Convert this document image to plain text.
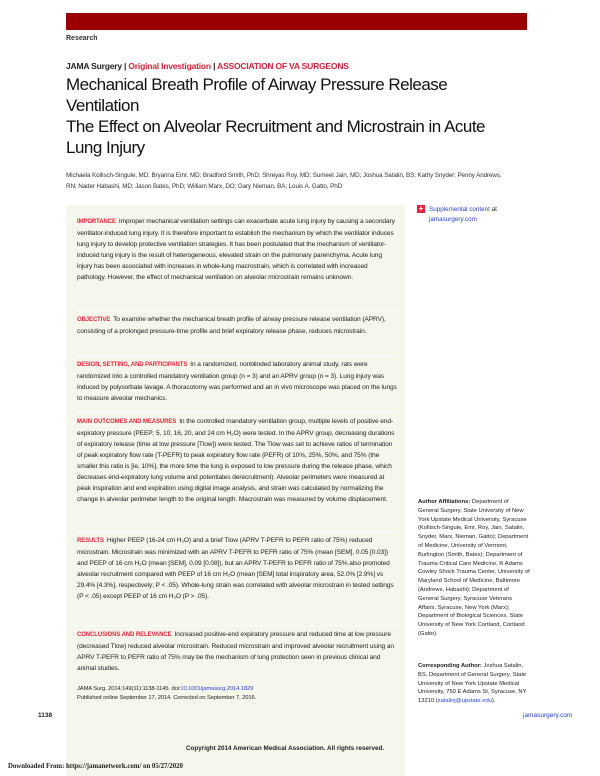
Research
JAMA Surgery | Original Investigation | ASSOCIATION OF VA SURGEONS
Mechanical Breath Profile of Airway Pressure Release Ventilation
The Effect on Alveolar Recruitment and Microstrain in Acute Lung Injury
Michaela Kollisch-Singule, MD; Bryanna Emr, MD; Bradford Smith, PhD; Shreyas Roy, MD; Sumeet Jain, MD; Joshua Satalin, BS; Kathy Snyder; Penny Andrews, RN; Nader Habashi, MD; Jason Bates, PhD; William Marx, DO; Gary Nieman, BA; Louis A. Gatto, PhD
IMPORTANCE Improper mechanical ventilation settings can exacerbate acute lung injury by causing a secondary ventilator-induced lung injury. It is therefore important to establish the mechanism by which the ventilator induces lung injury to develop protective ventilation strategies. It has been postulated that the mechanism of ventilator-induced lung injury is the result of heterogeneous, elevated strain on the pulmonary parenchyma. Acute lung injury has been associated with increases in whole-lung macrostrain, which is correlated with increased pathology. However, the effect of mechanical ventilation on alveolar microstrain remains unknown.
OBJECTIVE To examine whether the mechanical breath profile of airway pressure release ventilation (APRV), consisting of a prolonged pressure-time profile and brief expiratory release phase, reduces microstrain.
DESIGN, SETTING, AND PARTICIPANTS In a randomized, nonblinded laboratory animal study, rats were randomized into a controlled mandatory ventilation group (n = 3) and an APRV group (n = 3). Lung injury was induced by polysorbate lavage. A thoracotomy was performed and an in vivo microscope was placed on the lungs to measure alveolar mechanics.
MAIN OUTCOMES AND MEASURES In the controlled mandatory ventilation group, multiple levels of positive end-expiratory pressure (PEEP; 5, 10, 16, 20, and 24 cm H₂O) were tested. In the APRV group, decreasing durations of expiratory release (time at low pressure [Tlow]) were tested. The Tlow was set to achieve ratios of termination of peak expiratory flow rate (T-PEFR) to peak expiratory flow rate (PEFR) of 10%, 25%, 50%, and 75% (the smaller this ratio is [ie, 10%], the more time the lung is exposed to low pressure during the release phase, which decreases end-expiratory lung volume and potentiates derecruitment). Alveolar perimeters were measured at peak inspiration and end expiration using digital image analysis, and strain was calculated by normalizing the change in alveolar perimeter length to the original length. Macrostrain was measured by volume displacement.
RESULTS Higher PEEP (16-24 cm H₂O) and a brief Tlow (APRV T-PEFR to PEFR ratio of 75%) reduced microstrain. Microstrain was minimized with an APRV T-PEFR to PEFR ratio of 75% (mean [SEM], 0.05 [0.03]) and PEEP of 16 cm H₂O (mean [SEM], 0.09 [0.08]), but an APRV T-PEFR to PEFR ratio of 75% also promoted alveolar recruitment compared with PEEP of 16 cm H₂O (mean [SEM] total inspiratory area, 52.0% [2.9%] vs 29.4% [4.3%], respectively; P < .05). Whole-lung strain was correlated with alveolar microstrain in tested settings (P < .05) except PEEP of 16 cm H₂O (P > .05).
CONCLUSIONS AND RELEVANCE Increased positive-end expiratory pressure and reduced time at low pressure (decreased Tlow) reduced alveolar microstrain. Reduced microstrain and improved alveolar recruitment using an APRV T-PEFR to PEFR ratio of 75% may be the mechanism of lung protection seen in previous clinical and animal studies.
JAMA Surg. 2014;149(11):1138-1145. doi:10.1001/jamasurg.2014.1829
Published online September 17, 2014. Corrected on September 7, 2016.
+ Supplemental content at
jamasurgery.com
Author Affiliations: Department of General Surgery, State University of New York Upstate Medical University, Syracuse (Kollisch-Singule, Emr, Roy, Jain, Satalin, Snyder, Marx, Nieman, Gatto); Department of Medicine, University of Vermont, Burlington (Smith, Bates); Department of Trauma Critical Care Medicine, R Adams Cowley Shock Trauma Center, University of Maryland School of Medicine, Baltimore (Andrews, Habashi); Department of General Surgery, Syracuse Veterans Affairs, Syracuse, New York (Marx); Department of Biological Sciences, State University of New York Cortland, Cortland (Gatto).
Corresponding Author: Joshua Satalin, BS, Department of General Surgery, State University of New York Upstate Medical University, 750 E Adams St, Syracuse, NY 13210 (satalinj@upstate.edu).
1138	jamasurgery.com
Copyright 2014 American Medical Association. All rights reserved.
Downloaded From: https://jamanetwork.com/ on 05/27/2020
